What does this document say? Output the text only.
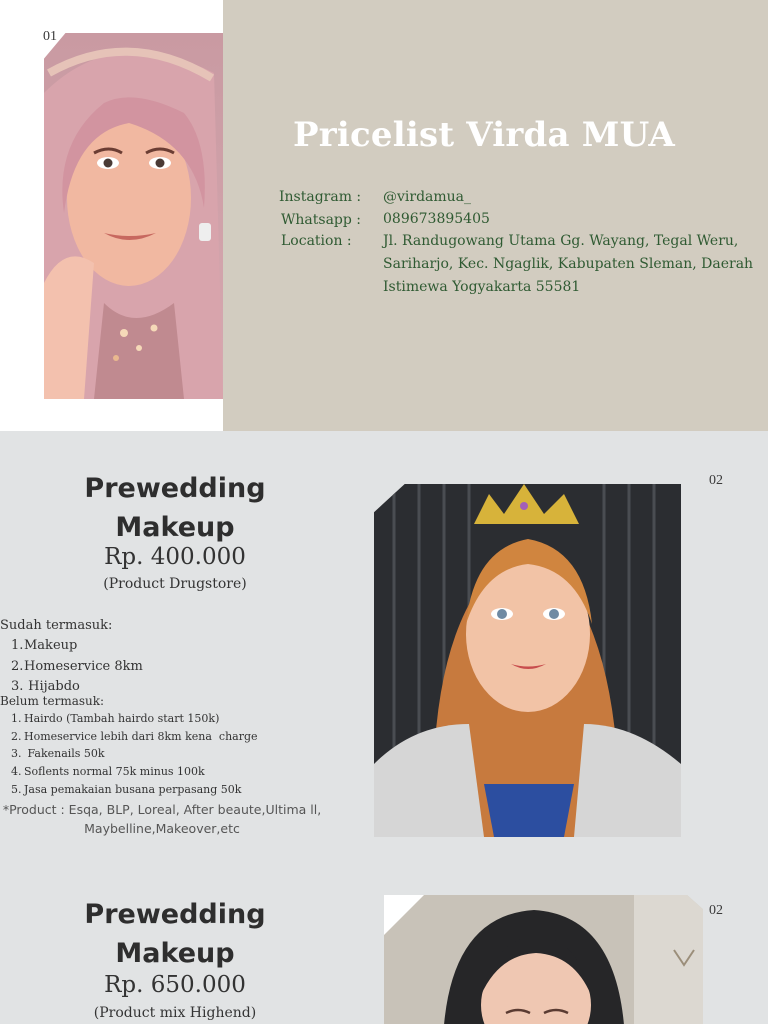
01
Pricelist Virda MUA
Instagram : @virdamua_
Whatsapp : 089673895405
Location : Jl. Randugowang Utama Gg. Wayang, Tegal Weru, Sariharjo, Kec. Ngaglik, Kabupaten Sleman, Daerah Istimewa Yogyakarta 55581
02
02
Prewedding Makeup
Rp. 400.000
(Product Drugstore)
Sudah termasuk:
1.Makeup
2.Homeservice 8km
3. Hijabdo
Belum termasuk:
1. Hairdo (Tambah hairdo start 150k)
2. Homeservice lebih dari 8km kena  charge
3. Fakenails 50k
4. Soflents normal 75k minus 100k
5. Jasa pemakaian busana perpasang 50k
*Product : Esqa, BLP, Loreal, After beaute,Ultima ll,
Maybelline,Makeover,etc
Prewedding Makeup
Rp. 650.000
(Product mix Highend)
